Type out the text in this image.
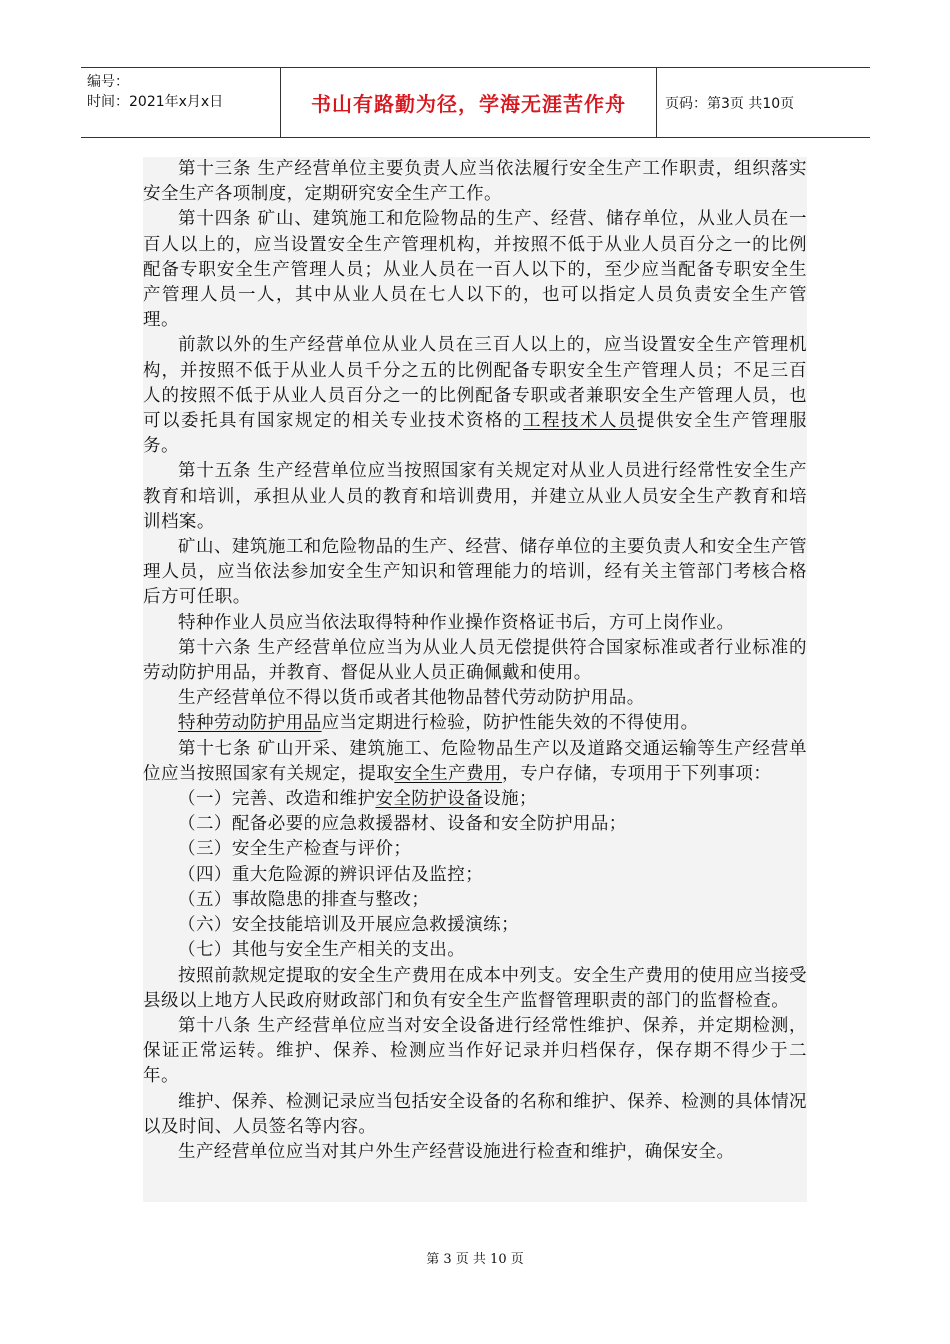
编号：
时间：2021年x月x日	书山有路勤为径，学海无涯苦作舟	页码：第3页 共10页

第十三条 生产经营单位主要负责人应当依法履行安全生产工作职责，组织落实安全生产各项制度，定期研究安全生产工作。

第十四条 矿山、建筑施工和危险物品的生产、经营、储存单位，从业人员在一百人以上的，应当设置安全生产管理机构，并按照不低于从业人员百分之一的比例配备专职安全生产管理人员；从业人员在一百人以下的，至少应当配备专职安全生产管理人员一人，其中从业人员在七人以下的，也可以指定人员负责安全生产管理。

前款以外的生产经营单位从业人员在三百人以上的，应当设置安全生产管理机构，并按照不低于从业人员千分之五的比例配备专职安全生产管理人员；不足三百人的按照不低于从业人员百分之一的比例配备专职或者兼职安全生产管理人员，也可以委托具有国家规定的相关专业技术资格的工程技术人员提供安全生产管理服务。

第十五条 生产经营单位应当按照国家有关规定对从业人员进行经常性安全生产教育和培训，承担从业人员的教育和培训费用，并建立从业人员安全生产教育和培训档案。

矿山、建筑施工和危险物品的生产、经营、储存单位的主要负责人和安全生产管理人员，应当依法参加安全生产知识和管理能力的培训，经有关主管部门考核合格后方可任职。

特种作业人员应当依法取得特种作业操作资格证书后，方可上岗作业。

第十六条 生产经营单位应当为从业人员无偿提供符合国家标准或者行业标准的劳动防护用品，并教育、督促从业人员正确佩戴和使用。

生产经营单位不得以货币或者其他物品替代劳动防护用品。

特种劳动防护用品应当定期进行检验，防护性能失效的不得使用。

第十七条 矿山开采、建筑施工、危险物品生产以及道路交通运输等生产经营单位应当按照国家有关规定，提取安全生产费用，专户存储，专项用于下列事项：

（一）完善、改造和维护安全防护设备设施；

（二）配备必要的应急救援器材、设备和安全防护用品；

（三）安全生产检查与评价；

（四）重大危险源的辨识评估及监控；

（五）事故隐患的排查与整改；

（六）安全技能培训及开展应急救援演练；

（七）其他与安全生产相关的支出。

按照前款规定提取的安全生产费用在成本中列支。安全生产费用的使用应当接受县级以上地方人民政府财政部门和负有安全生产监督管理职责的部门的监督检查。

第十八条 生产经营单位应当对安全设备进行经常性维护、保养，并定期检测，保证正常运转。维护、保养、检测应当作好记录并归档保存，保存期不得少于二年。

维护、保养、检测记录应当包括安全设备的名称和维护、保养、检测的具体情况以及时间、人员签名等内容。

生产经营单位应当对其户外生产经营设施进行检查和维护，确保安全。

第 3 页 共 10 页
